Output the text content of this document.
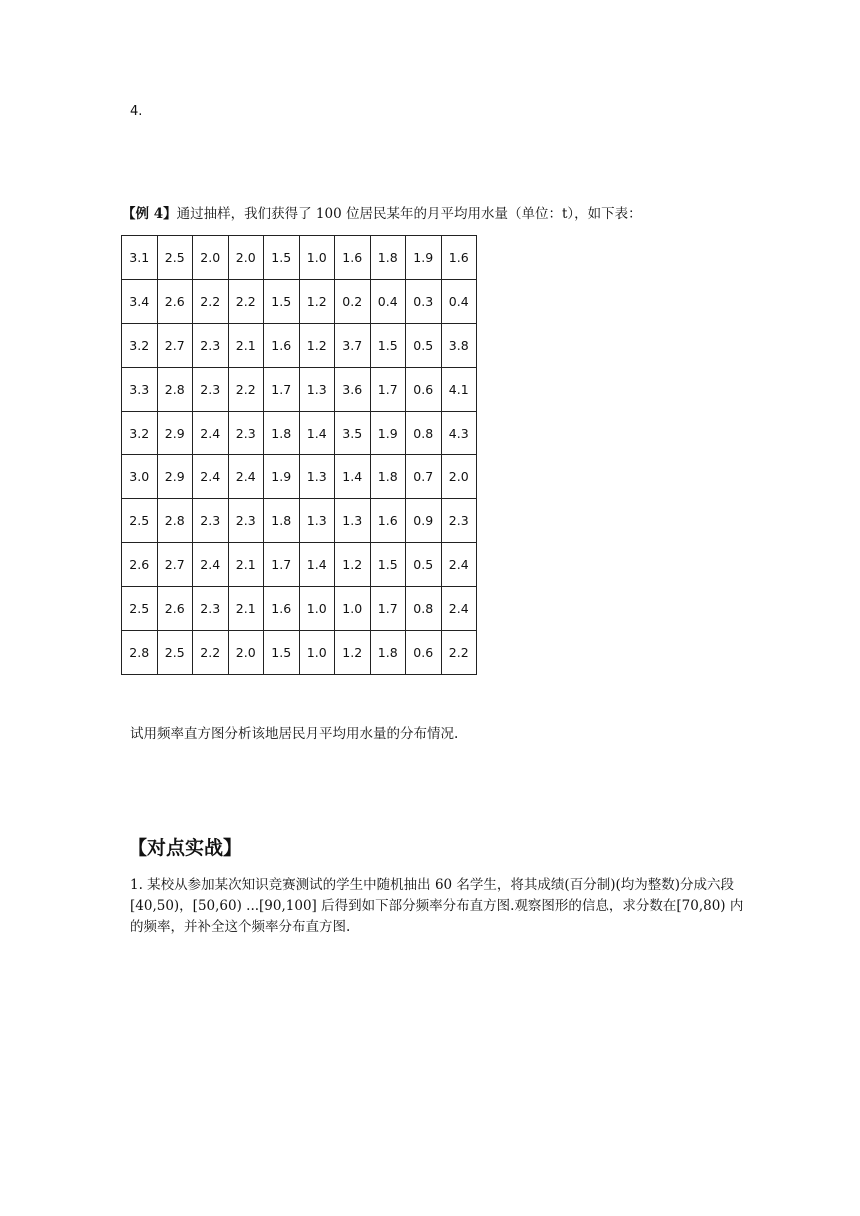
4.
【例 4】通过抽样，我们获得了 100 位居民某年的月平均用水量（单位：t），如下表：
3.1	2.5	2.0	2.0	1.5	1.0	1.6	1.8	1.9	1.6
3.4	2.6	2.2	2.2	1.5	1.2	0.2	0.4	0.3	0.4
3.2	2.7	2.3	2.1	1.6	1.2	3.7	1.5	0.5	3.8
3.3	2.8	2.3	2.2	1.7	1.3	3.6	1.7	0.6	4.1
3.2	2.9	2.4	2.3	1.8	1.4	3.5	1.9	0.8	4.3
3.0	2.9	2.4	2.4	1.9	1.3	1.4	1.8	0.7	2.0
2.5	2.8	2.3	2.3	1.8	1.3	1.3	1.6	0.9	2.3
2.6	2.7	2.4	2.1	1.7	1.4	1.2	1.5	0.5	2.4
2.5	2.6	2.3	2.1	1.6	1.0	1.0	1.7	0.8	2.4
2.8	2.5	2.2	2.0	1.5	1.0	1.2	1.8	0.6	2.2
试用频率直方图分析该地居民月平均用水量的分布情况.
【对点实战】
1. 某校从参加某次知识竞赛测试的学生中随机抽出 60 名学生，将其成绩(百分制)(均为整数)分成六段[40,50)，[50,60) ...[90,100] 后得到如下部分频率分布直方图.观察图形的信息，求分数在[70,80) 内的频率，并补全这个频率分布直方图.
